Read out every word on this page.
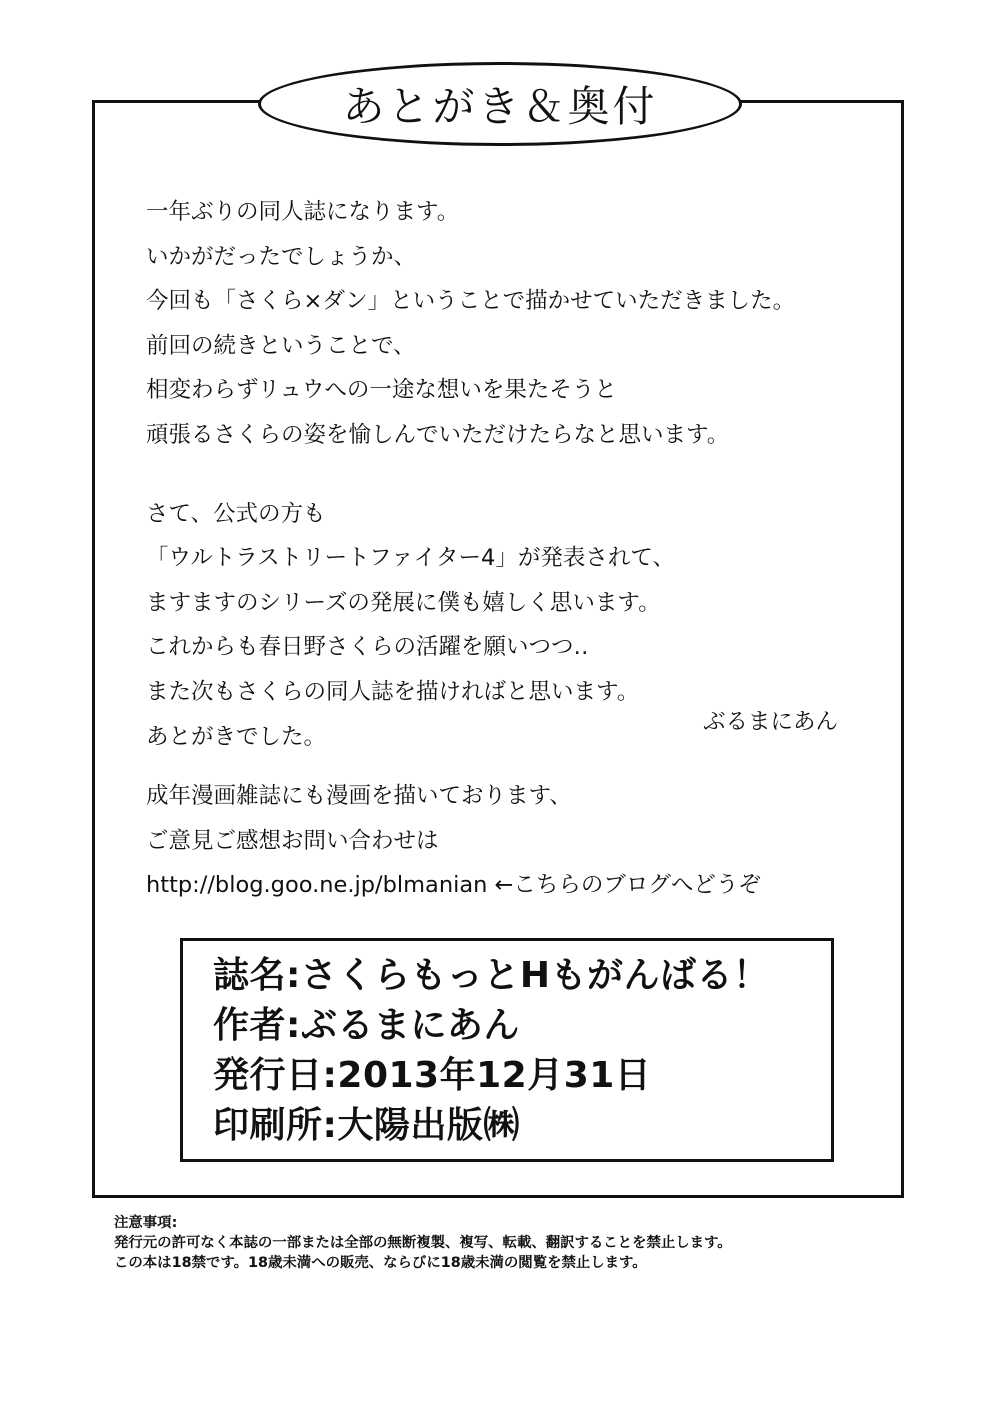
あとがき＆奥付
一年ぶりの同人誌になります。
いかがだったでしょうか、
今回も「さくら×ダン」ということで描かせていただきました。
前回の続きということで、
相変わらずリュウへの一途な想いを果たそうと
頑張るさくらの姿を愉しんでいただけたらなと思います。
さて、公式の方も
「ウルトラストリートファイター4」が発表されて、
ますますのシリーズの発展に僕も嬉しく思います。
これからも春日野さくらの活躍を願いつつ‥
また次もさくらの同人誌を描ければと思います。
あとがきでした。
ぶるまにあん
成年漫画雑誌にも漫画を描いております、
ご意見ご感想お問い合わせは
http://blog.goo.ne.jp/blmanian ←こちらのブログへどうぞ
誌名:さくらもっとHもがんばる！
作者:ぶるまにあん
発行日:2013年12月31日
印刷所:大陽出版㈱
注意事項:
発行元の許可なく本誌の一部または全部の無断複製、複写、転載、翻訳することを禁止します。
この本は18禁です。18歳未満への販売、ならびに18歳未満の閲覧を禁止します。
